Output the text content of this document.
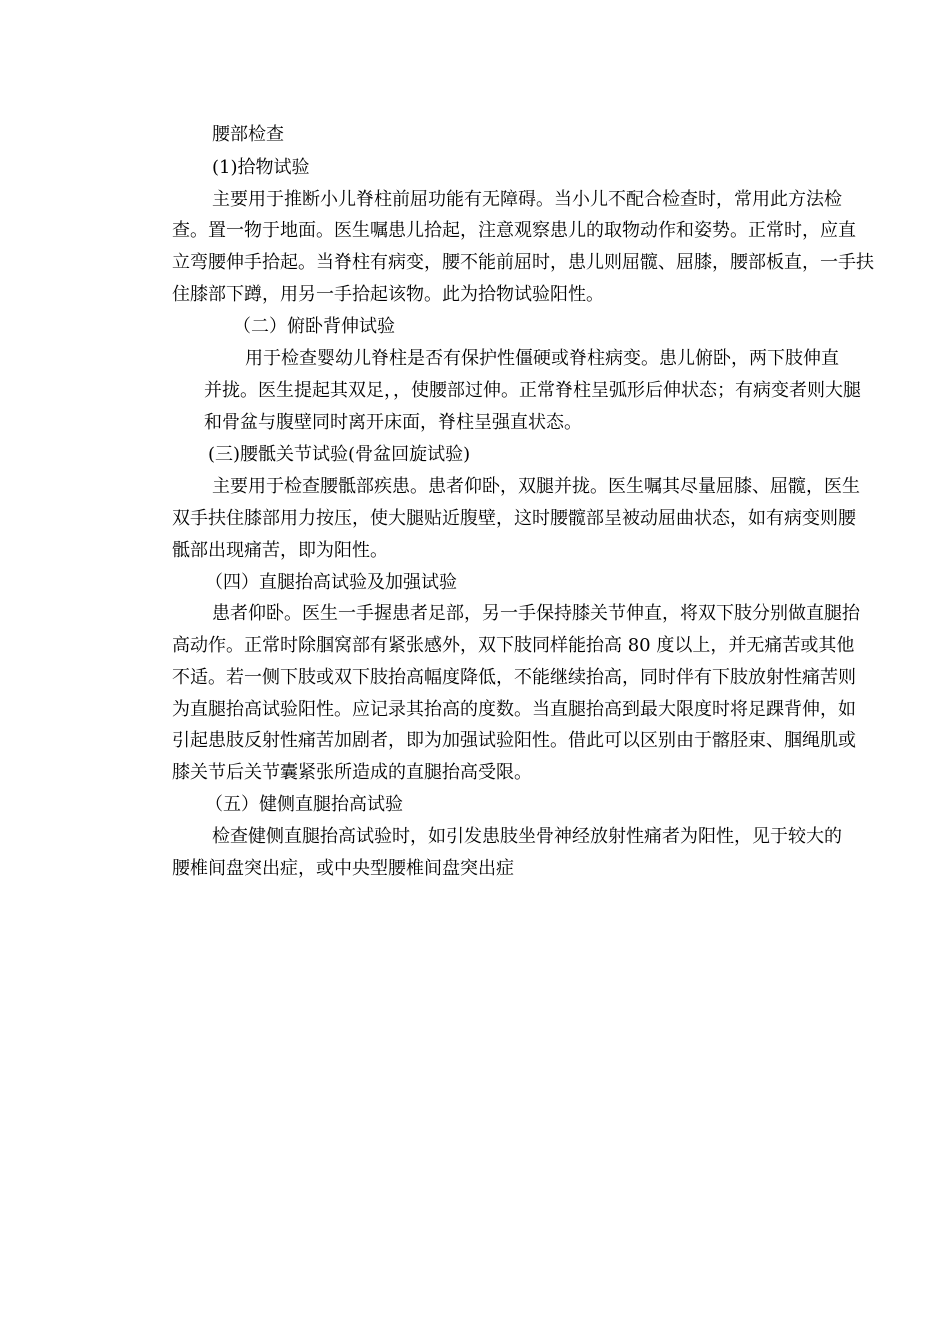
腰部检查

(1)拾物试验

主要用于推断小儿脊柱前屈功能有无障碍。当小儿不配合检查时，常用此方法检

查。置一物于地面。医生嘱患儿拾起，注意观察患儿的取物动作和姿势。正常时，应直

立弯腰伸手拾起。当脊柱有病变，腰不能前屈时，患儿则屈髋、屈膝，腰部板直，一手扶

住膝部下蹲，用另一手拾起该物。此为拾物试验阳性。

（二）俯卧背伸试验

用于检查婴幼儿脊柱是否有保护性僵硬或脊柱病变。患儿俯卧，两下肢伸直

并拢。医生提起其双足，，使腰部过伸。正常脊柱呈弧形后伸状态；有病变者则大腿

和骨盆与腹壁同时离开床面，脊柱呈强直状态。

(三)腰骶关节试验(骨盆回旋试验)

主要用于检查腰骶部疾患。患者仰卧，双腿并拢。医生嘱其尽量屈膝、屈髋，医生

双手扶住膝部用力按压，使大腿贴近腹壁，这时腰髋部呈被动屈曲状态，如有病变则腰

骶部出现痛苦，即为阳性。

（四）直腿抬高试验及加强试验

患者仰卧。医生一手握患者足部，另一手保持膝关节伸直，将双下肢分别做直腿抬

高动作。正常时除腘窝部有紧张感外，双下肢同样能抬高 80 度以上，并无痛苦或其他

不适。若一侧下肢或双下肢抬高幅度降低，不能继续抬高，同时伴有下肢放射性痛苦则

为直腿抬高试验阳性。应记录其抬高的度数。当直腿抬高到最大限度时将足踝背伸，如

引起患肢反射性痛苦加剧者，即为加强试验阳性。借此可以区别由于髂胫束、腘绳肌或

膝关节后关节囊紧张所造成的直腿抬高受限。

（五）健侧直腿抬高试验

检查健侧直腿抬高试验时，如引发患肢坐骨神经放射性痛者为阳性，见于较大的

腰椎间盘突出症，或中央型腰椎间盘突出症
